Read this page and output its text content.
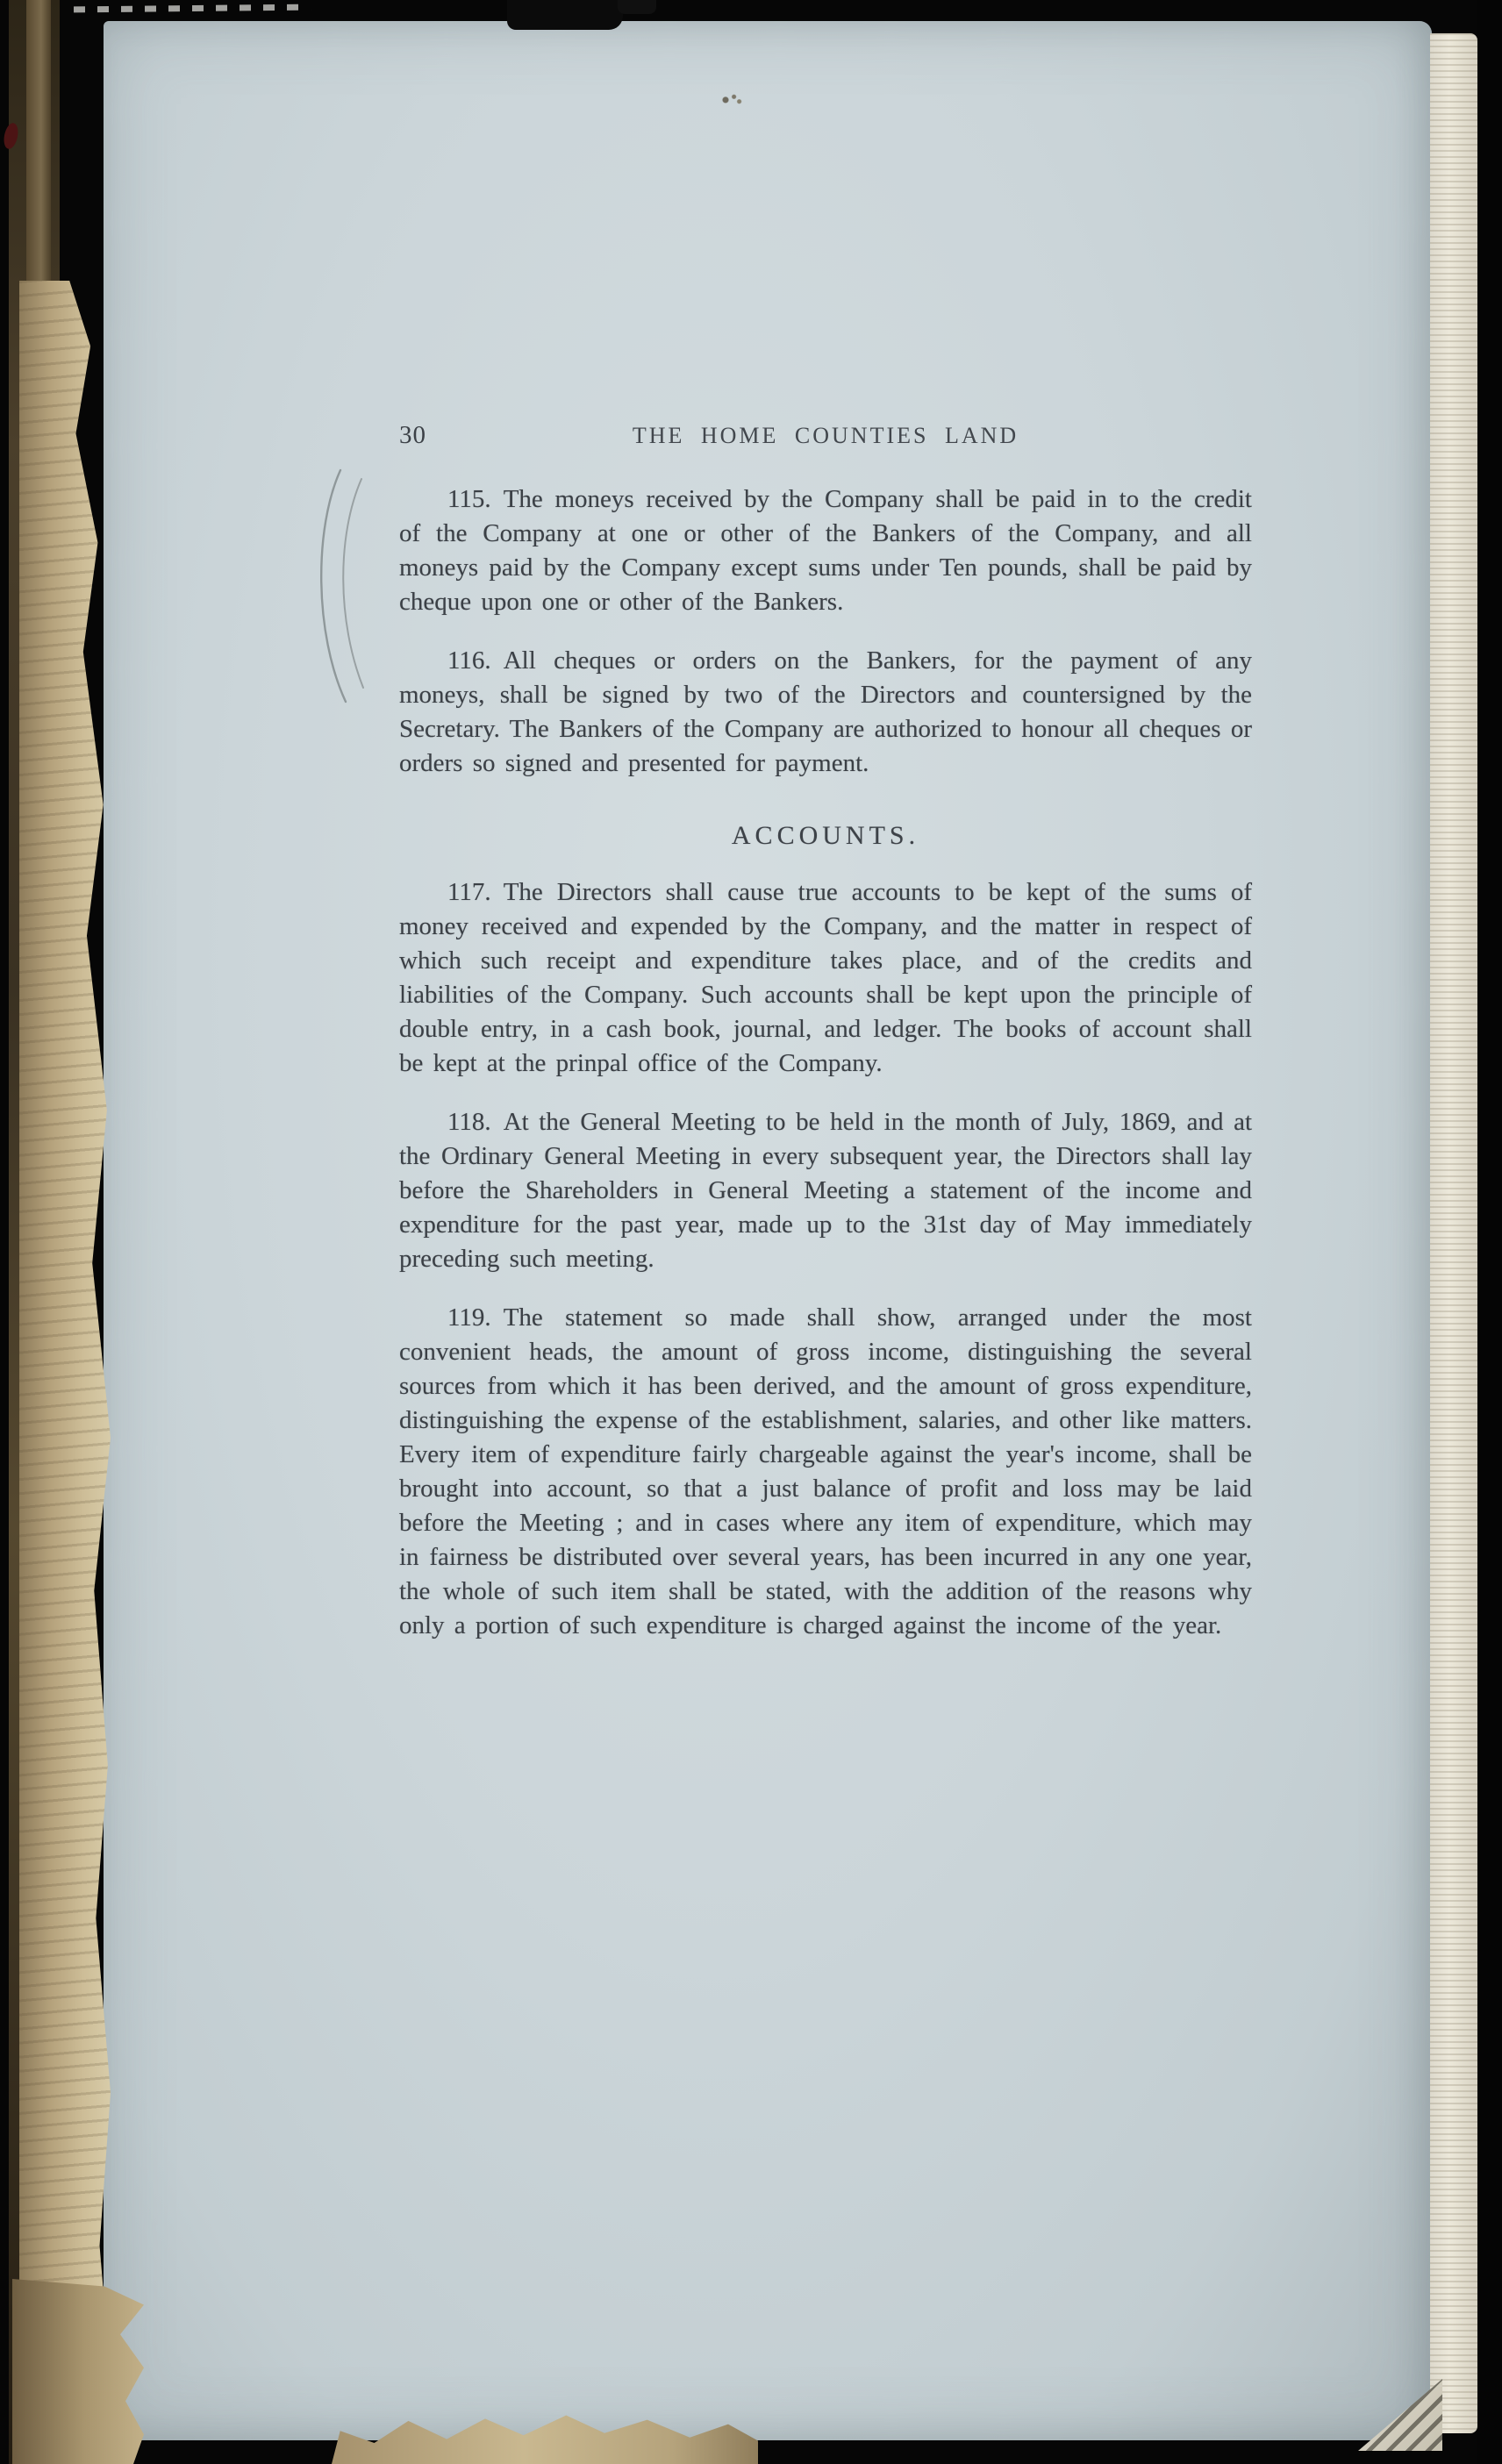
30	THE HOME COUNTIES LAND

115. The moneys received by the Company shall be paid in to the credit of the Company at one or other of the Bankers of the Company, and all moneys paid by the Company except sums under Ten pounds, shall be paid by cheque upon one or other of the Bankers.

116. All cheques or orders on the Bankers, for the payment of any moneys, shall be signed by two of the Directors and countersigned by the Secretary. The Bankers of the Company are authorized to honour all cheques or orders so signed and presented for payment.

ACCOUNTS.

117. The Directors shall cause true accounts to be kept of the sums of money received and expended by the Company, and the matter in respect of which such receipt and expenditure takes place, and of the credits and liabilities of the Company. Such accounts shall be kept upon the principle of double entry, in a cash book, journal, and ledger. The books of account shall be kept at the prinpal office of the Company.

118. At the General Meeting to be held in the month of July, 1869, and at the Ordinary General Meeting in every subsequent year, the Directors shall lay before the Shareholders in General Meeting a statement of the income and expenditure for the past year, made up to the 31st day of May immediately preceding such meeting.

119. The statement so made shall show, arranged under the most convenient heads, the amount of gross income, distinguishing the several sources from which it has been derived, and the amount of gross expenditure, distinguishing the expense of the establishment, salaries, and other like matters. Every item of expenditure fairly chargeable against the year's income, shall be brought into account, so that a just balance of profit and loss may be laid before the Meeting ; and in cases where any item of expenditure, which may in fairness be distributed over several years, has been incurred in any one year, the whole of such item shall be stated, with the addition of the reasons why only a portion of such expenditure is charged against the income of the year.
